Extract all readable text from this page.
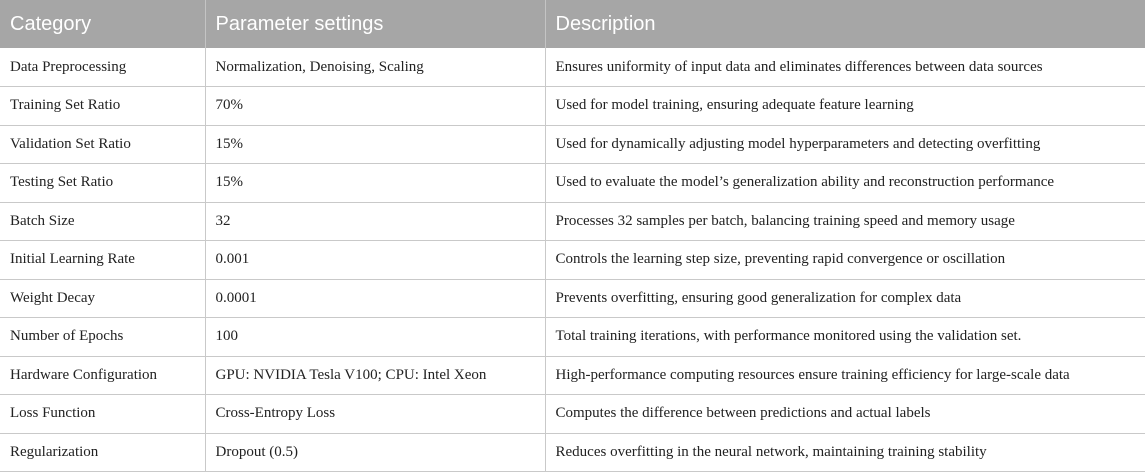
Category	Parameter settings	Description
Data Preprocessing	Normalization, Denoising, Scaling	Ensures uniformity of input data and eliminates differences between data sources
Training Set Ratio	70%	Used for model training, ensuring adequate feature learning
Validation Set Ratio	15%	Used for dynamically adjusting model hyperparameters and detecting overfitting
Testing Set Ratio	15%	Used to evaluate the model’s generalization ability and reconstruction performance
Batch Size	32	Processes 32 samples per batch, balancing training speed and memory usage
Initial Learning Rate	0.001	Controls the learning step size, preventing rapid convergence or oscillation
Weight Decay	0.0001	Prevents overfitting, ensuring good generalization for complex data
Number of Epochs	100	Total training iterations, with performance monitored using the validation set.
Hardware Configuration	GPU: NVIDIA Tesla V100; CPU: Intel Xeon	High-performance computing resources ensure training efficiency for large-scale data
Loss Function	Cross-Entropy Loss	Computes the difference between predictions and actual labels
Regularization	Dropout (0.5)	Reduces overfitting in the neural network, maintaining training stability
